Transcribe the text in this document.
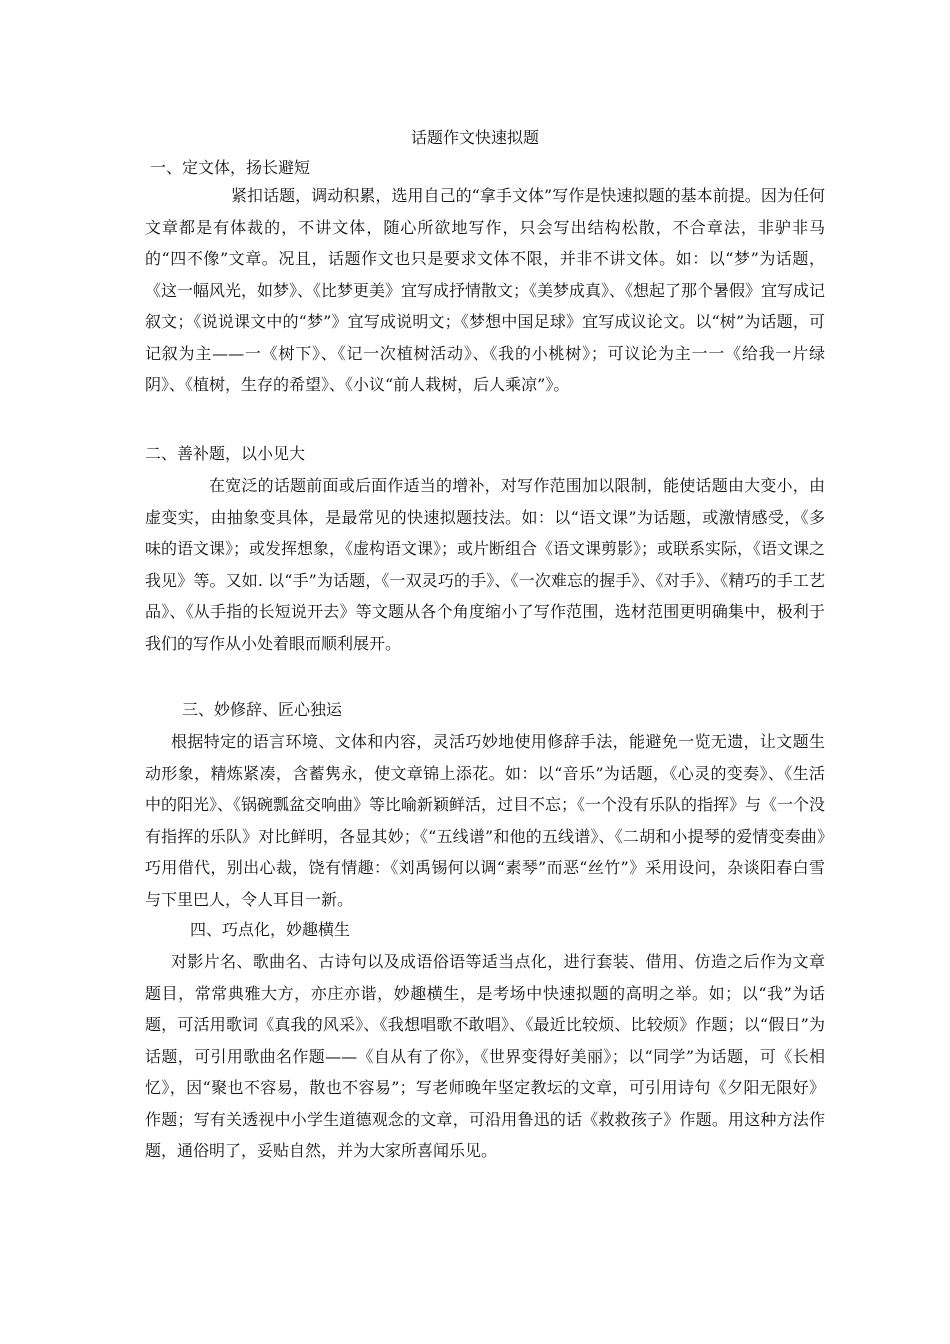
话题作文快速拟题
一、定文体，扬长避短

紧扣话题，调动积累，选用自己的“拿手文体”写作是快速拟题的基本前提。因为任何文章都是有体裁的，不讲文体，随心所欲地写作，只会写出结构松散，不合章法，非驴非马的“四不像”文章。况且，话题作文也只是要求文体不限，并非不讲文体。如：以“梦”为话题，《这一幅风光，如梦》、《比梦更美》宜写成抒情散文；《美梦成真》、《想起了那个暑假》宜写成记叙文；《说说课文中的“梦”》宜写成说明文；《梦想中国足球》宜写成议论文。以“树”为话题，可记叙为主——一《树下》、《记一次植树活动》、《我的小桃树》；可议论为主一一《给我一片绿阴》、《植树，生存的希望》、《小议“前人栽树，后人乘凉”》。

二、善补题，以小见大

在宽泛的话题前面或后面作适当的增补，对写作范围加以限制，能使话题由大变小，由虚变实，由抽象变具体，是最常见的快速拟题技法。如：以“语文课”为话题，或激情感受，《多味的语文课》；或发挥想象，《虚构语文课》；或片断组合《语文课剪影》；或联系实际，《语文课之我见》等。又如. 以“手”为话题，《一双灵巧的手》、《一次难忘的握手》、《对手》、《精巧的手工艺品》、《从手指的长短说开去》等文题从各个角度缩小了写作范围，选材范围更明确集中，极利于我们的写作从小处着眼而顺利展开。

三、妙修辞、匠心独运

根据特定的语言环境、文体和内容，灵活巧妙地使用修辞手法，能避免一览无遗，让文题生动形象，精炼紧凑，含蓄隽永，使文章锦上添花。如：以“音乐”为话题，《心灵的变奏》、《生活中的阳光》、《锅碗瓢盆交响曲》等比喻新颖鲜活，过目不忘；《一个没有乐队的指挥》与《一个没有指挥的乐队》对比鲜明，各显其妙；《“五线谱”和他的五线谱》、《二胡和小提琴的爱情变奏曲》巧用借代，别出心裁，饶有情趣：《刘禹锡何以调“素琴”而恶“丝竹”》采用设问，杂谈阳春白雪与下里巴人，令人耳目一新。

四、巧点化，妙趣横生

对影片名、歌曲名、古诗句以及成语俗语等适当点化，进行套装、借用、仿造之后作为文章题目，常常典雅大方，亦庄亦谐，妙趣横生，是考场中快速拟题的高明之举。如；以“我”为话题，可活用歌词《真我的风采》、《我想唱歌不敢唱》、《最近比较烦、比较烦》作题；以“假日”为话题，可引用歌曲名作题——《自从有了你》，《世界变得好美丽》；以“同学”为话题，可《长相忆》，因“聚也不容易，散也不容易”；写老师晚年坚定教坛的文章，可引用诗句《夕阳无限好》作题；写有关透视中小学生道德观念的文章，可沿用鲁迅的话《救救孩子》作题。用这种方法作题，通俗明了，妥贴自然，并为大家所喜闻乐见。
